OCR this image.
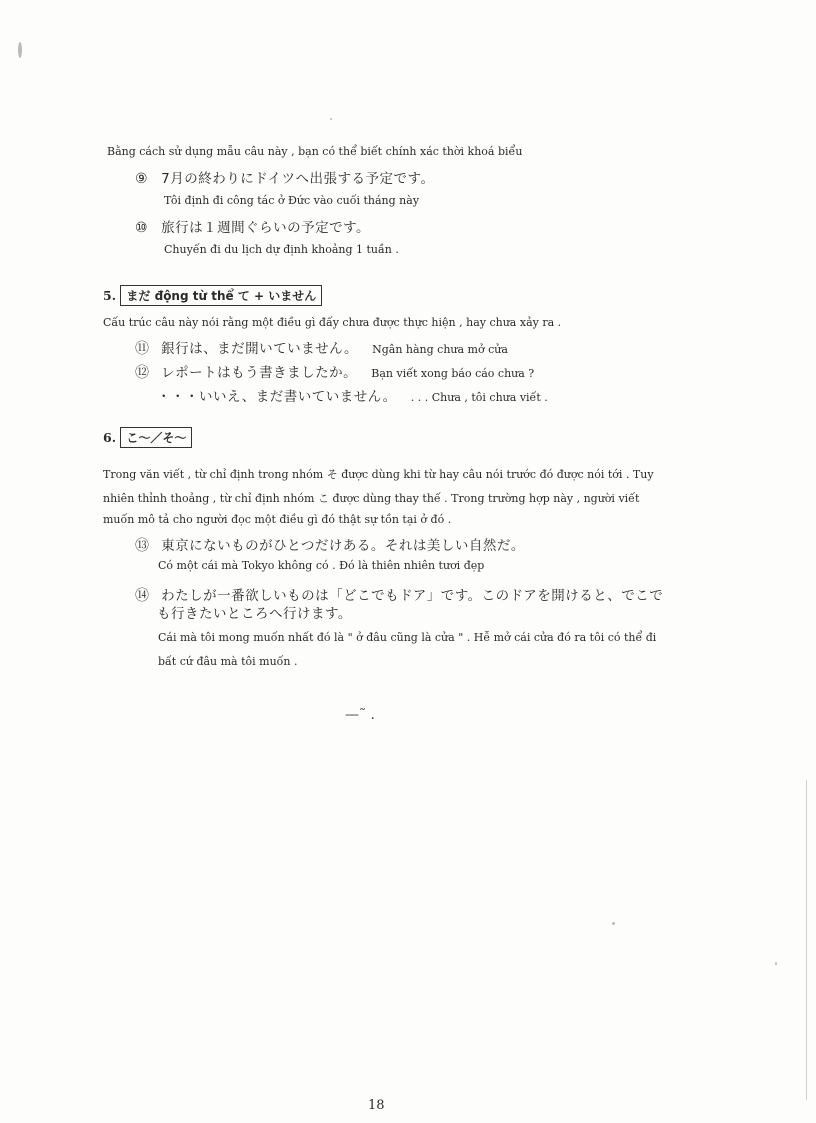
Bằng cách sử dụng mẫu câu này , bạn có thể biết chính xác thời khoá biểu
⑨ 7月の終わりにドイツへ出張する予定です。
Tôi định đi công tác ở Đức vào cuối tháng này
⑩ 旅行は１週間ぐらいの予定です。
Chuyến đi du lịch dự định khoảng 1 tuần .
5. まだ động từ thể て + いません
Cấu trúc câu này nói rằng một điều gì đấy chưa được thực hiện , hay chưa xảy ra .
⑪ 銀行は、まだ開いていません。 Ngân hàng chưa mở cửa
⑫ レポートはもう書きましたか。 Bạn viết xong báo cáo chưa ?
・・・いいえ、まだ書いていません。 . . . Chưa , tôi chưa viết .
6. こ～／そ～
Trong văn viết , từ chỉ định trong nhóm そ được dùng khi từ hay câu nói trước đó được nói tới . Tuy
nhiên thỉnh thoảng , từ chỉ định nhóm こ được dùng thay thế . Trong trường hợp này , người viết
muốn mô tả cho người đọc một điều gì đó thật sự tồn tại ở đó .
⑬ 東京にないものがひとつだけある。それは美しい自然だ。
Có một cái mà Tokyo không có . Đó là thiên nhiên tươi đẹp
⑭ わたしが一番欲しいものは「どこでもドア」です。このドアを開けると、でこで
も行きたいところへ行けます。
Cái mà tôi mong muốn nhất đó là " ở đâu cũng là cửa " . Hễ mở cái cửa đó ra tôi có thể đi
bất cứ đâu mà tôi muốn .
—˜ .
18
